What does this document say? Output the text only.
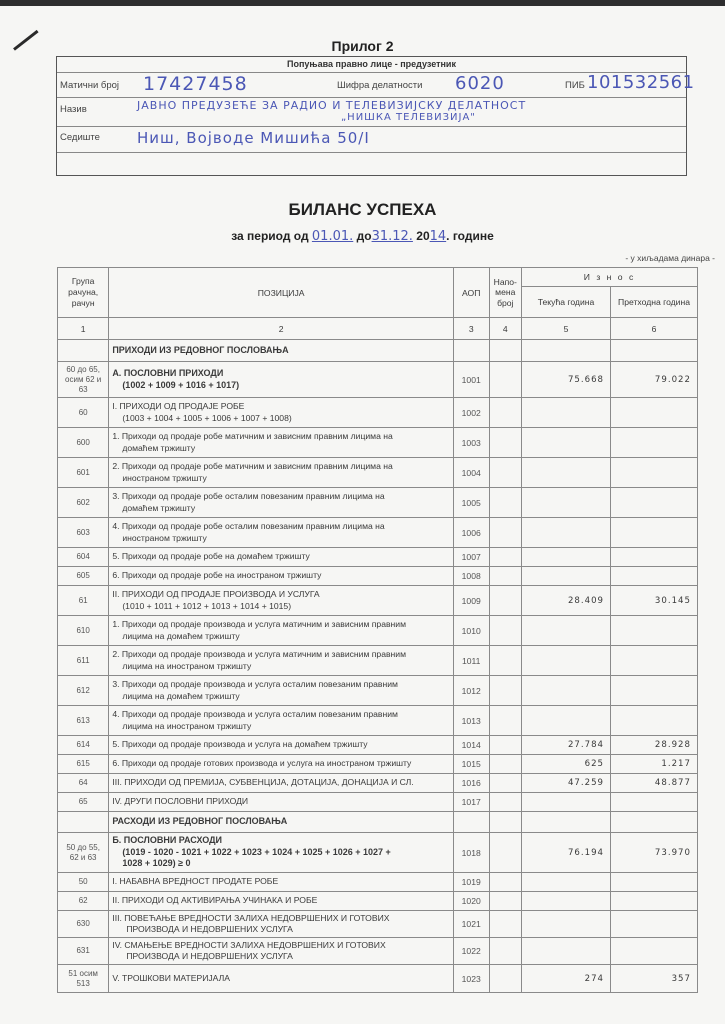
Прилог 2
Попуњава правно лице - предузетник
Матични број 17427458	Шифра делатности 6020	ПИБ 101532561
Назив	ЈАВНО ПРЕДУЗЕЋЕ ЗА РАДИО И ТЕЛЕВИЗИЈСКУ ДЕЛАТНОСТ
„НИШКА ТЕЛЕВИЗИЈА"
Седиште Ниш, Војводе Мишића 50/I
БИЛАНС УСПЕХА
за период од 01.01. до31.12. 2014. године
- у хиљадама динара -
Група рачуна, рачун	ПОЗИЦИЈА	АОП	Напо-мена број	И з н о с	
				Текућа година	Претходна година
1	2	3	4	5	6

	ПРИХОДИ ИЗ РЕДОВНОГ ПОСЛОВАЊА				

60 до 65, осим 62 и 63	А. ПОСЛОВНИ ПРИХОДИ
(1002 + 1009 + 1016 + 1017)	1001		75.668	79.022
60	I. ПРИХОДИ ОД ПРОДАЈЕ РОБЕ
(1003 + 1004 + 1005 + 1006 + 1007 + 1008)	1002			
600	1. Приходи од продаје робе матичним и зависним правним лицима на
домаћем тржишту	1003			
601	2. Приходи од продаје робе матичним и зависним правним лицима на
иностраном тржишту	1004			
602	3. Приходи од продаје робе осталим повезаним правним лицима на
домаћем тржишту	1005			
603	4. Приходи од продаје робе осталим повезаним правним лицима на
иностраном тржишту	1006			
604	5. Приходи од продаје робе на домаћем тржишту	1007			
605	6. Приходи од продаје робе на иностраном тржишту	1008			
61	II. ПРИХОДИ ОД ПРОДАЈЕ ПРОИЗВОДА И УСЛУГА
(1010 + 1011 + 1012 + 1013 + 1014 + 1015)	1009		28.409	30.145
610	1. Приходи од продаје производа и услуга матичним и зависним правним
лицима на домаћем тржишту	1010			
611	2. Приходи од продаје производа и услуга матичним и зависним правним
лицима на иностраном тржишту	1011			
612	3. Приходи од продаје производа и услуга осталим повезаним правним
лицима на домаћем тржишту	1012			
613	4. Приходи од продаје производа и услуга осталим повезаним правним
лицима на иностраном тржишту	1013			
614	5. Приходи од продаје производа и услуга на домаћем тржишту	1014		27.784	28.928
615	6. Приходи од продаје готових производа и услуга на иностраном тржишту	1015		625	1.217
64	III. ПРИХОДИ ОД ПРЕМИЈА, СУБВЕНЦИЈА, ДОТАЦИЈА, ДОНАЦИЈА И СЛ.	1016		47.259	48.877
65	IV. ДРУГИ ПОСЛОВНИ ПРИХОДИ	1017			

	РАСХОДИ ИЗ РЕДОВНОГ ПОСЛОВАЊА				

50 до 55, 62 и 63	Б. ПОСЛОВНИ РАСХОДИ
(1019 - 1020 - 1021 + 1022 + 1023 + 1024 + 1025 + 1026 + 1027 +
1028 + 1029) ≥ 0	1018		76.194	73.970
50	I. НАБАВНА ВРЕДНОСТ ПРОДАТЕ РОБЕ	1019			
62	II. ПРИХОДИ ОД АКТИВИРАЊА УЧИНАКА И РОБЕ	1020			
630	III. ПОВЕЋАЊЕ ВРЕДНОСТИ ЗАЛИХА НЕДОВРШЕНИХ И ГОТОВИХ
ПРОИЗВОДА И НЕДОВРШЕНИХ УСЛУГА	1021			
631	IV. СМАЊЕЊЕ ВРЕДНОСТИ ЗАЛИХА НЕДОВРШЕНИХ И ГОТОВИХ
ПРОИЗВОДА И НЕДОВРШЕНИХ УСЛУГА	1022			
51 осим 513	V. ТРОШКОВИ МАТЕРИЈАЛА	1023		274	357
